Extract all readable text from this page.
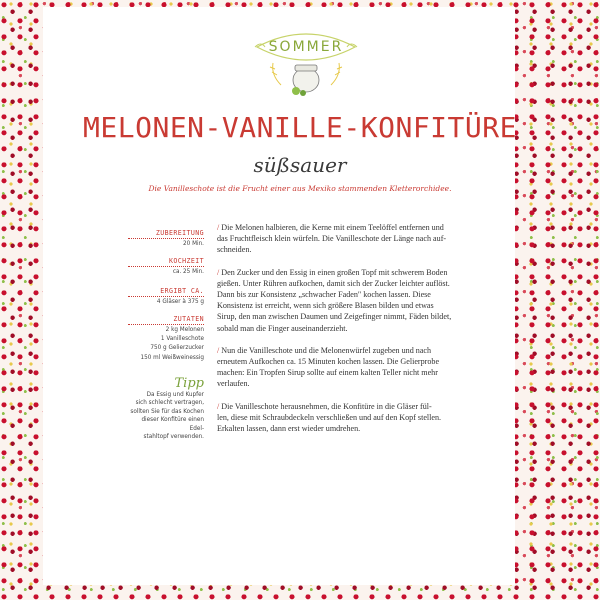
SOMMER
MELONEN-VANILLE-KONFITÜRE
süßsauer
Die Vanilleschote ist die Frucht einer aus Mexiko stammenden Kletterorchidee.
ZUBEREITUNG
20 Min.
KOCHZEIT
ca. 25 Min.
ERGIBT CA.
4 Gläser à 375 g
ZUTATEN
2 kg Melonen
1 Vanilleschote
750 g Gelierzucker
150 ml Weißweinessig
Tipp
Da Essig und Kupfer
sich schlecht vertragen,
sollten Sie für das Kochen
dieser Konfitüre einen Edel-
stahltopf verwenden.
/ Die Melonen halbieren, die Kerne mit einem Teelöffel entfernen und
das Fruchtfleisch klein würfeln. Die Vanilleschote der Länge nach auf-
schneiden.
/ Den Zucker und den Essig in einen großen Topf mit schwerem Boden
gießen. Unter Rühren aufkochen, damit sich der Zucker leichter auflöst.
Dann bis zur Konsistenz „schwacher Faden" kochen lassen. Diese
Konsistenz ist erreicht, wenn sich größere Blasen bilden und etwas
Sirup, den man zwischen Daumen und Zeigefinger nimmt, Fäden bildet,
sobald man die Finger auseinanderzieht.
/ Nun die Vanilleschote und die Melonenwürfel zugeben und nach
erneutem Aufkochen ca. 15 Minuten kochen lassen. Die Gelierprobe
machen: Ein Tropfen Sirup sollte auf einem kalten Teller nicht mehr
verlaufen.
/ Die Vanilleschote herausnehmen, die Konfitüre in die Gläser fül-
len, diese mit Schraubdeckeln verschließen und auf den Kopf stellen.
Erkalten lassen, dann erst wieder umdrehen.
